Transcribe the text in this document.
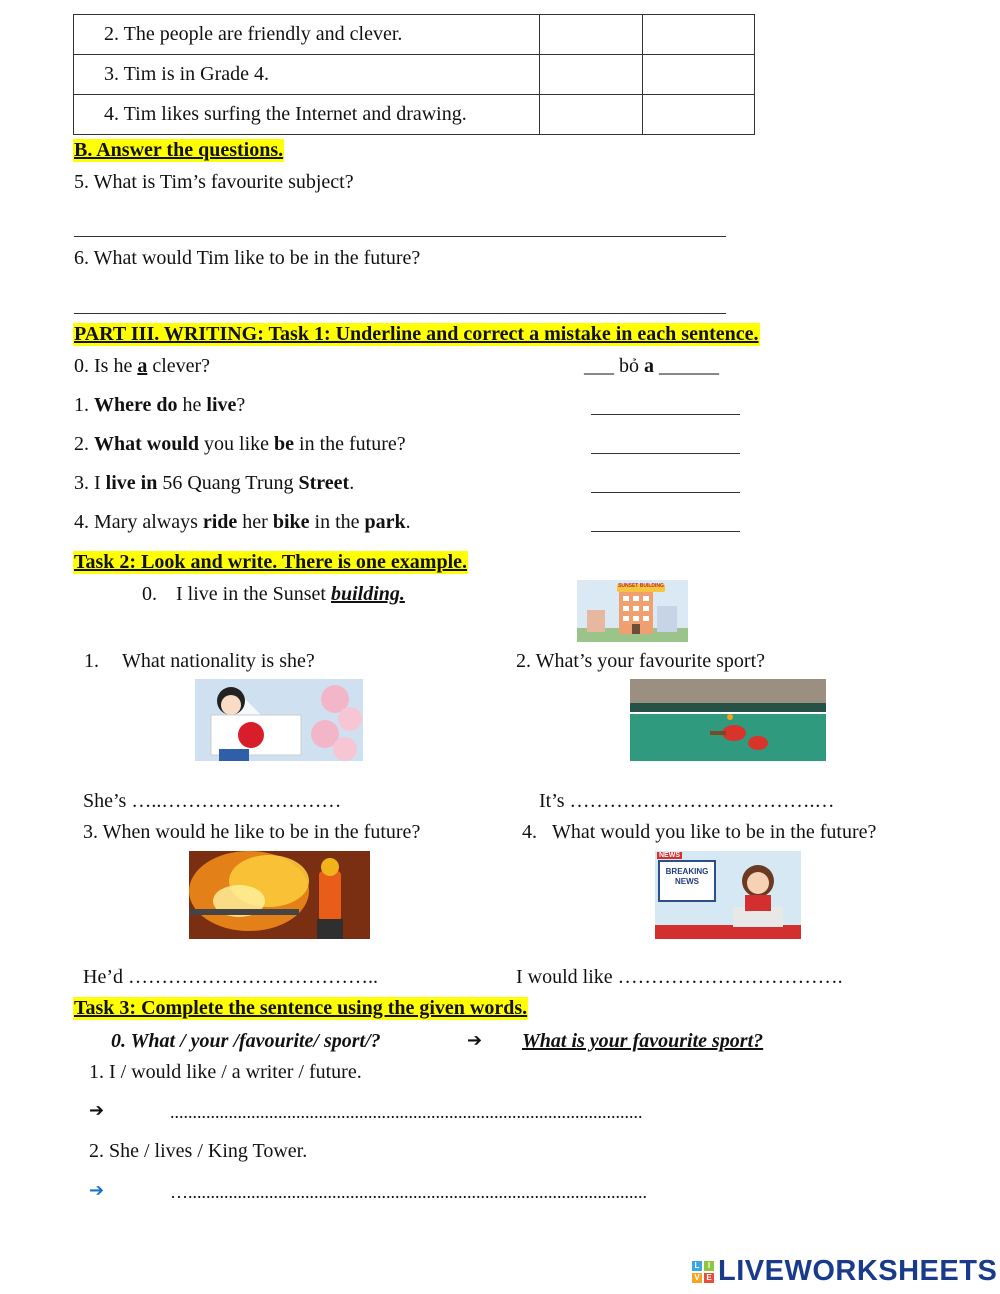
2. The people are friendly and clever.		
3. Tim is in Grade 4.		
4. Tim likes surfing the Internet and drawing.		
B. Answer the questions.
5. What is Tim’s favourite subject?
6. What would Tim like to be in the future?
PART III. WRITING: Task 1: Underline and correct a mistake in each sentence.
0. Is he a clever?	___ bỏ a ______
1. Where do he live?
2. What would you like be in the future?
3. I live in 56 Quang Trung Street.
4. Mary always ride her bike in the park.
Task 2: Look and write. There is one example.
0. I live in the Sunset building.	SUNSET BUILDING
1. What nationality is she?	2. What’s your favourite sport?
She’s …..………………………	It’s ……………………………….…
3. When would he like to be in the future?	4. What would you like to be in the future?
NEWS
BREAKING
NEWS
He’d ………………………………..	I would like …………………………….
Task 3: Complete the sentence using the given words.
0. What / your /favourite/ sport/?	➔ What is your favourite sport?
1. I / would like / a writer / future.
➔	.........................................................................................................
2. She / lives / King Tower.
➔	…......................................................................................................
L	I
V E LIVEWORKSHEETS
